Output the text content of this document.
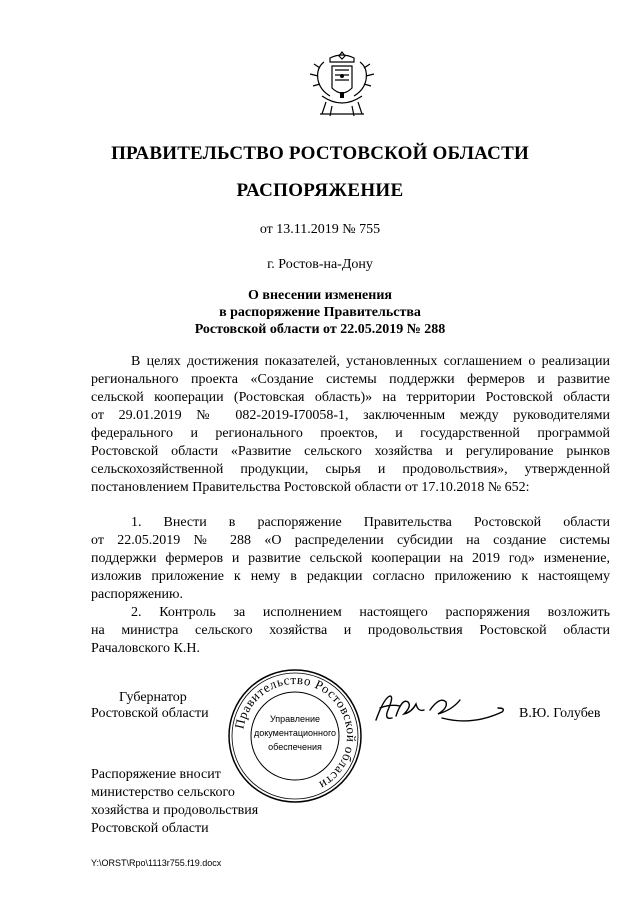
ПРАВИТЕЛЬСТВО РОСТОВСКОЙ ОБЛАСТИ
РАСПОРЯЖЕНИЕ
от 13.11.2019 № 755
г. Ростов-на-Дону
О внесении изменения
в распоряжение Правительства
Ростовской области от 22.05.2019 № 288
В целях достижения показателей, установленных соглашением о реализации
регионального проекта «Создание системы поддержки фермеров и развитие
сельской кооперации (Ростовская область)» на территории Ростовской области
от 29.01.2019 № 082-2019-I70058-1, заключенным между руководителями
федерального и регионального проектов, и государственной программой
Ростовской области «Развитие сельского хозяйства и регулирование рынков
сельскохозяйственной продукции, сырья и продовольствия», утвержденной
постановлением Правительства Ростовской области от 17.10.2018 № 652:
1. Внести в распоряжение Правительства Ростовской области
от 22.05.2019 № 288 «О распределении субсидии на создание системы
поддержки фермеров и развитие сельской кооперации на 2019 год» изменение,
изложив приложение к нему в редакции согласно приложению к настоящему
распоряжению.
2. Контроль за исполнением настоящего распоряжения возложить
на министра сельского хозяйства и продовольствия Ростовской области
Рачаловского К.Н.
Губернатор
Ростовской области
Правительство Ростовской области
Управление
документационного
обеспечения
В.Ю. Голубев
Распоряжение вносит
министерство сельского
хозяйства и продовольствия
Ростовской области
Y:\ORST\Rpo\1113r755.f19.docx
